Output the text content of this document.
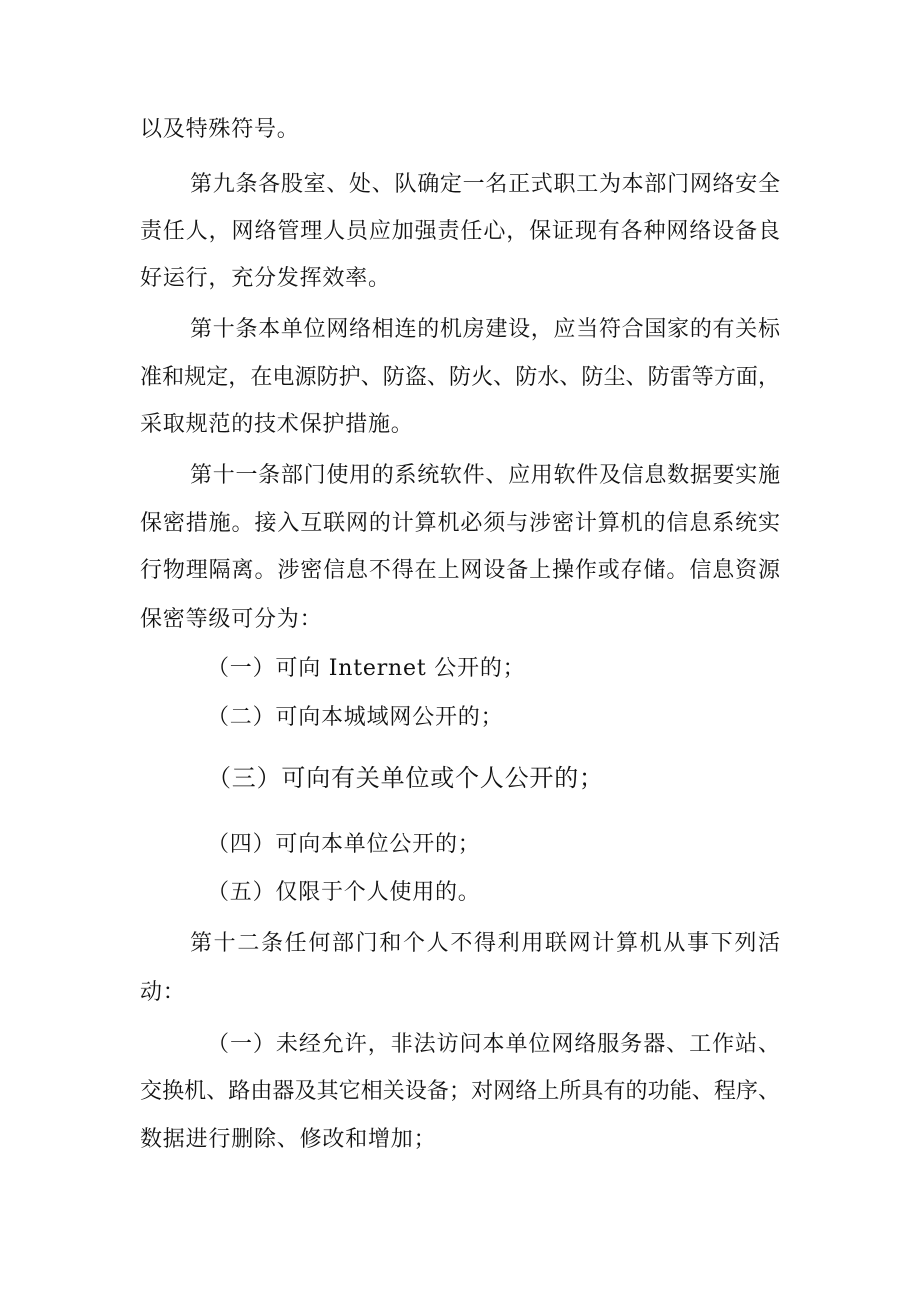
以及特殊符号。
第九条各股室、处、队确定一名正式职工为本部门网络安全
责任人，网络管理人员应加强责任心，保证现有各种网络设备良
好运行，充分发挥效率。
第十条本单位网络相连的机房建设，应当符合国家的有关标
准和规定，在电源防护、防盗、防火、防水、防尘、防雷等方面，
采取规范的技术保护措施。
第十一条部门使用的系统软件、应用软件及信息数据要实施
保密措施。接入互联网的计算机必须与涉密计算机的信息系统实
行物理隔离。涉密信息不得在上网设备上操作或存储。信息资源
保密等级可分为：
（一）可向 Internet 公开的；
（二）可向本城域网公开的；
（三）可向有关单位或个人公开的；
（四）可向本单位公开的；
（五）仅限于个人使用的。
第十二条任何部门和个人不得利用联网计算机从事下列活
动：
（一）未经允许，非法访问本单位网络服务器、工作站、
交换机、路由器及其它相关设备；对网络上所具有的功能、程序、
数据进行删除、修改和增加；
